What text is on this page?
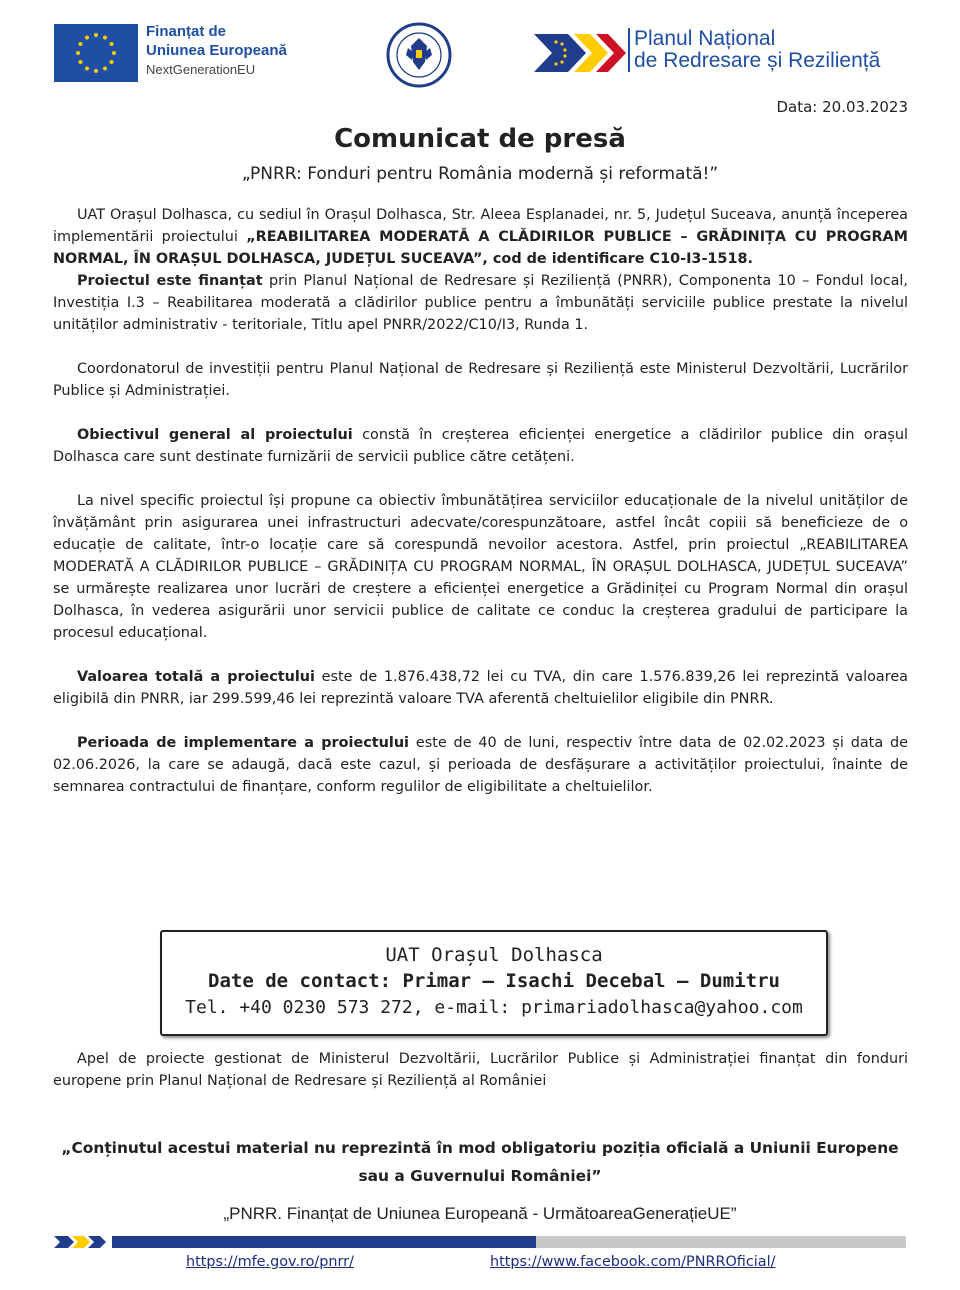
Finanțat de
Uniunea Europeană
NextGenerationEU
Planul Național
de Redresare și Reziliență
Data: 20.03.2023
Comunicat de presă
„PNRR: Fonduri pentru România modernă și reformată!”

UAT Orașul Dolhasca, cu sediul în Orașul Dolhasca, Str. Aleea Esplanadei, nr. 5, Județul Suceava, anunță începerea implementării proiectului „REABILITAREA MODERATĂ A CLĂDIRILOR PUBLICE – GRĂDINIȚA CU PROGRAM NORMAL, ÎN ORAȘUL DOLHASCA, JUDEȚUL SUCEAVA”, cod de identificare C10-I3-1518.

Proiectul este finanțat prin Planul Național de Redresare și Reziliență (PNRR), Componenta 10 – Fondul local, Investiția I.3 – Reabilitarea moderată a clădirilor publice pentru a îmbunătăți serviciile publice prestate la nivelul unităților administrativ - teritoriale, Titlu apel PNRR/2022/C10/I3, Runda 1.

Coordonatorul de investiții pentru Planul Național de Redresare și Reziliență este Ministerul Dezvoltării, Lucrărilor Publice și Administrației.

Obiectivul general al proiectului constă în creșterea eficienței energetice a clădirilor publice din orașul Dolhasca care sunt destinate furnizării de servicii publice către cetățeni.

La nivel specific proiectul își propune ca obiectiv îmbunătățirea serviciilor educaționale de la nivelul unităților de învățământ prin asigurarea unei infrastructuri adecvate/corespunzătoare, astfel încât copiii să beneficieze de o educație de calitate, într-o locație care să corespundă nevoilor acestora. Astfel, prin proiectul „REABILITAREA MODERATĂ A CLĂDIRILOR PUBLICE – GRĂDINIȚA CU PROGRAM NORMAL, ÎN ORAȘUL DOLHASCA, JUDEȚUL SUCEAVA” se urmărește realizarea unor lucrări de creștere a eficienței energetice a Grădiniței cu Program Normal din orașul Dolhasca, în vederea asigurării unor servicii publice de calitate ce conduc la creșterea gradului de participare la procesul educațional.

Valoarea totală a proiectului este de 1.876.438,72 lei cu TVA, din care 1.576.839,26 lei reprezintă valoarea eligibilă din PNRR, iar 299.599,46 lei reprezintă valoare TVA aferentă cheltuielilor eligibile din PNRR.

Perioada de implementare a proiectului este de 40 de luni, respectiv între data de 02.02.2023 și data de 02.06.2026, la care se adaugă, dacă este cazul, și perioada de desfășurare a activităților proiectului, înainte de semnarea contractului de finanțare, conform regulilor de eligibilitate a cheltuielilor.

UAT Orașul Dolhasca
Date de contact: Primar – Isachi Decebal – Dumitru
Tel. +40 0230 573 272, e-mail: primariadolhasca@yahoo.com
Apel de proiecte gestionat de Ministerul Dezvoltării, Lucrărilor Publice și Administrației finanțat din fonduri europene prin Planul Național de Redresare și Reziliență al României
„Conținutul acestui material nu reprezintă în mod obligatoriu poziția oficială a Uniunii Europene sau a Guvernului României”
„PNRR. Finanțat de Uniunea Europeană - UrmătoareaGenerațieUE”
https://mfe.gov.ro/pnrr/	https://www.facebook.com/PNRROficial/
